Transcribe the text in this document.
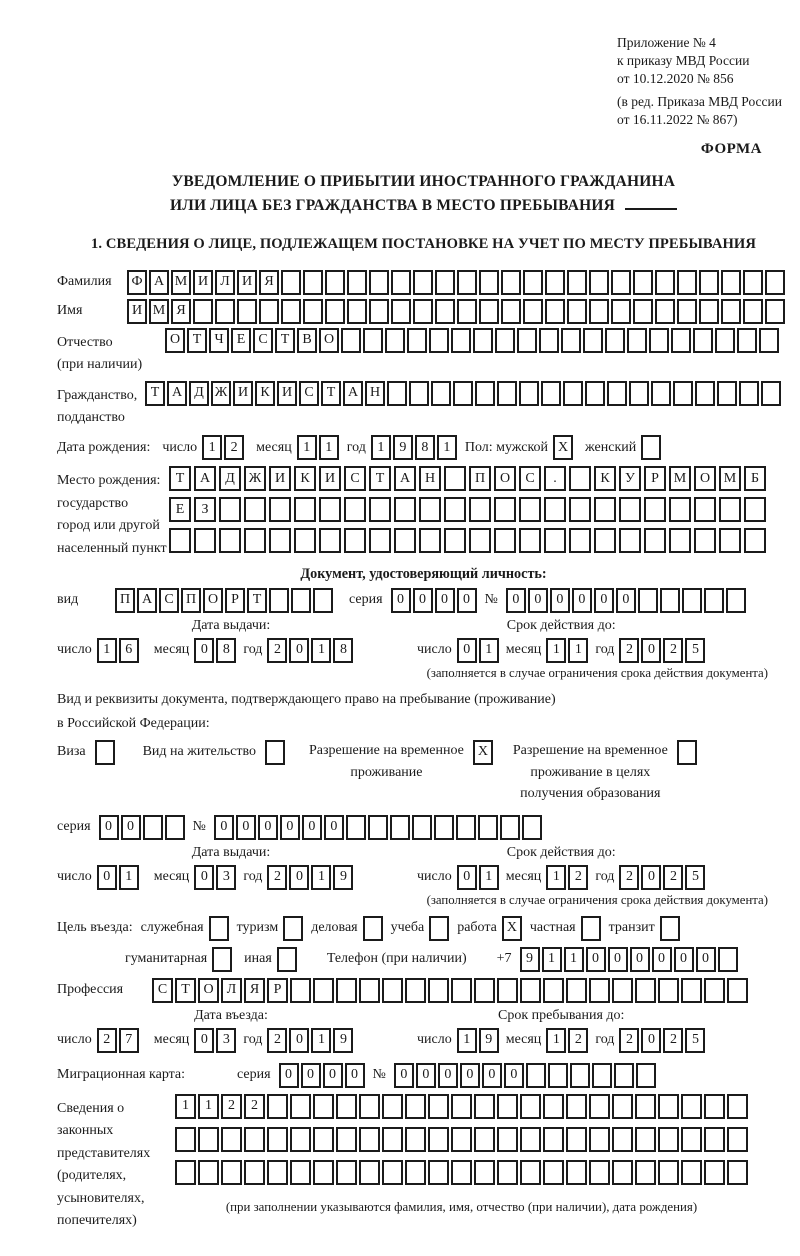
Приложение № 4
к приказу МВД России
от 10.12.2020 № 856
(в ред. Приказа МВД России
от 16.11.2022 № 867)
ФОРМА
УВЕДОМЛЕНИЕ О ПРИБЫТИИ ИНОСТРАННОГО ГРАЖДАНИНА
ИЛИ ЛИЦА БЕЗ ГРАЖДАНСТВА В МЕСТО ПРЕБЫВАНИЯ
1. СВЕДЕНИЯ О ЛИЦЕ, ПОДЛЕЖАЩЕМ ПОСТАНОВКЕ НА УЧЕТ ПО МЕСТУ ПРЕБЫВАНИЯ
Фамилия	Ф А М И Л И Я
Имя	И М Я
Отчество
(при наличии)
О Т Ч Е С Т В О
Гражданство,
подданство
Т А Д Ж И К И С Т А Н
Дата рождения: число 1	2	месяц 1	1	год 1	9	8	1	Пол: мужской X	женский
Место рождения:
государство
город или другой
населенный пункт
Т	А	Д Ж И	К	И	С	Т	А	Н	П	О	С	.	К	У	Р	М О М	Б
Е	З
Документ, удостоверяющий личность:
вид	П А С П О Р Т	серия	0	0	0	0	№	0	0	0	0	0	0
Дата выдачи:
число 1	6	месяц 0	8 год 2	0	1	8
Срок действия до:
число 0	1 месяц 1	1 год 2	0	2	5
(заполняется в случае ограничения срока действия документа)
Вид и реквизиты документа, подтверждающего право на пребывание (проживание)
в Российской Федерации:
Виза	Вид на жительство	Разрешение на временное
проживание
X	Разрешение на временное
проживание в целях
получения образования
серия	0	0	№	0	0	0	0	0	0
Дата выдачи:
число 0	1	месяц 0	3 год 2	0	1	9
Срок действия до:
число 0	1 месяц 1	2 год 2	0	2	5
(заполняется в случае ограничения срока действия документа)
Цель въезда: служебная туризм деловая учеба работа X частная транзит
гуманитарная	иная	Телефон (при наличии) +7	9	1	1	0	0	0	0	0	0
Профессия	С	Т О Л Я	Р
Дата въезда:
число 2	7	месяц 0	3 год 2	0	1	9
Срок пребывания до:
число 1	9 месяц 1	2 год 2	0	2	5
Миграционная карта:	серия	0	0	0	0	№	0	0	0	0	0	0
Сведения о
законных
представителях
(родителях,
усыновителях,
попечителях)
1	1	2	2
(при заполнении указываются фамилия, имя, отчество (при наличии), дата рождения)
